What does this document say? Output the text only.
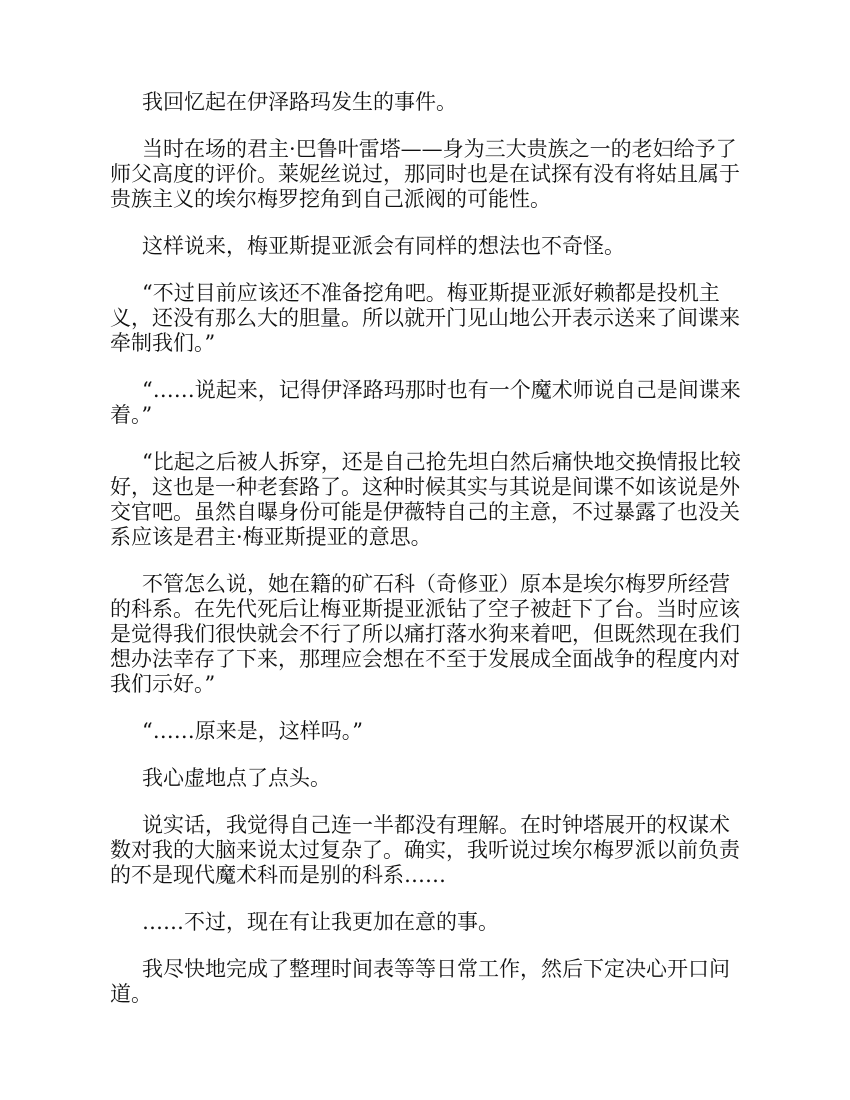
我回忆起在伊泽路玛发生的事件。

当时在场的君主·巴鲁叶雷塔——身为三大贵族之一的老妇给予了师父高度的评价。莱妮丝说过，那同时也是在试探有没有将姑且属于贵族主义的埃尔梅罗挖角到自己派阀的可能性。

这样说来，梅亚斯提亚派会有同样的想法也不奇怪。

“不过目前应该还不准备挖角吧。梅亚斯提亚派好赖都是投机主义，还没有那么大的胆量。所以就开门见山地公开表示送来了间谍来牵制我们。”

“……说起来，记得伊泽路玛那时也有一个魔术师说自己是间谍来着。”

“比起之后被人拆穿，还是自己抢先坦白然后痛快地交换情报比较好，这也是一种老套路了。这种时候其实与其说是间谍不如该说是外交官吧。虽然自曝身份可能是伊薇特自己的主意，不过暴露了也没关系应该是君主·梅亚斯提亚的意思。

不管怎么说，她在籍的矿石科（奇修亚）原本是埃尔梅罗所经营的科系。在先代死后让梅亚斯提亚派钻了空子被赶下了台。当时应该是觉得我们很快就会不行了所以痛打落水狗来着吧，但既然现在我们想办法幸存了下来，那理应会想在不至于发展成全面战争的程度内对我们示好。”

“……原来是，这样吗。”

我心虚地点了点头。

说实话，我觉得自己连一半都没有理解。在时钟塔展开的权谋术数对我的大脑来说太过复杂了。确实，我听说过埃尔梅罗派以前负责的不是现代魔术科而是别的科系……

……不过，现在有让我更加在意的事。

我尽快地完成了整理时间表等等日常工作，然后下定决心开口问道。
